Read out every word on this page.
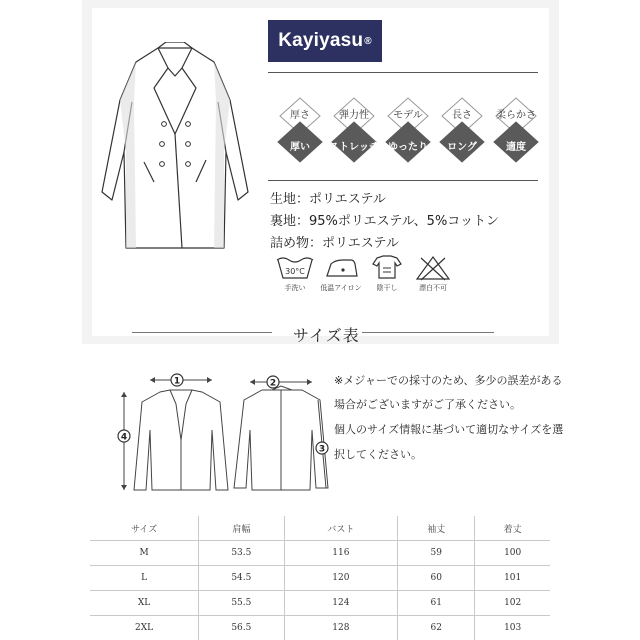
Kayiyasu ®
厚さ
厚い
弾力性
ストレッチ
モデル
ゆったり
長さ
ロング
柔らかさ
適度
生地：ポリエステル
裏地：95%ポリエステル、5%コットン
詰め物：ポリエステル
30°C
手洗い	低温アイロン	陰干し	漂白不可
サイズ表
※メジャーでの採寸のため、多少の誤差がある
場合がございますがご了承ください。
個人のサイズ情報に基づいて適切なサイズを選
択してください。
1	2
3
4
サイズ	肩幅	バスト	袖丈	着丈
M	53.5	116	59	100
L	54.5	120	60	101
XL	55.5	124	61	102
2XL	56.5	128	62	103
